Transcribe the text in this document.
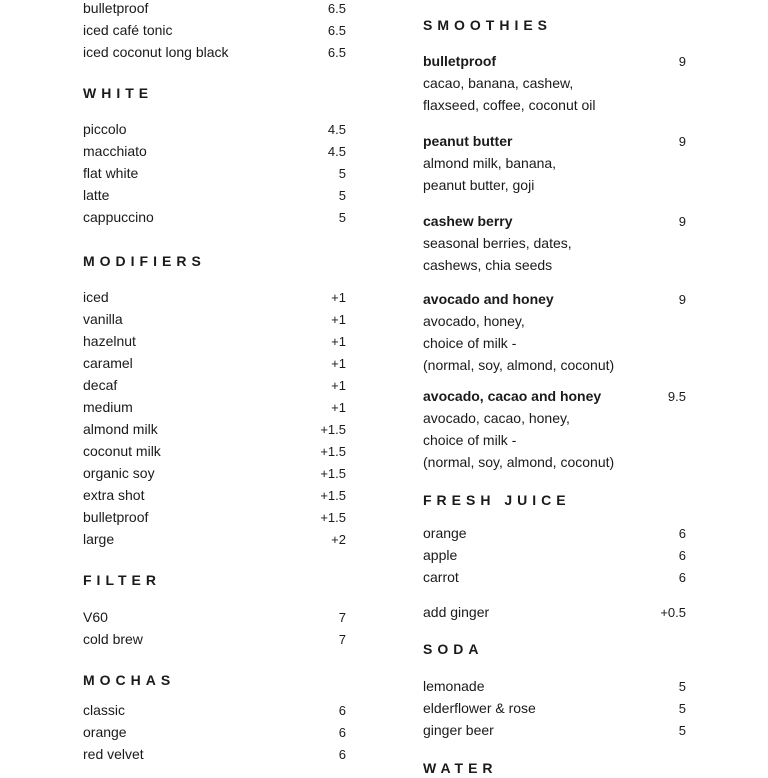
bulletproof	6.5
iced café tonic	6.5
iced coconut long black	6.5
WHITE
piccolo	4.5
macchiato	4.5
flat white	5
latte	5
cappuccino	5
MODIFIERS
iced	+1
vanilla	+1
hazelnut	+1
caramel	+1
decaf	+1
medium	+1
almond milk	+1.5
coconut milk	+1.5
organic soy	+1.5
extra shot	+1.5
bulletproof	+1.5
large	+2
FILTER
V60	7
cold brew	7
MOCHAS
classic	6
orange	6
red velvet	6
SMOOTHIES
bulletproof	9
cacao, banana, cashew,
flaxseed, coffee, coconut oil
peanut butter	9
almond milk, banana,
peanut butter, goji
cashew berry	9
seasonal berries, dates,
cashews, chia seeds
avocado and honey	9
avocado, honey,
choice of milk -
(normal, soy, almond, coconut)
avocado, cacao and honey	9.5
avocado, cacao, honey,
choice of milk -
(normal, soy, almond, coconut)
FRESH JUICE
orange	6
apple	6
carrot	6
add ginger	+0.5
SODA
lemonade	5
elderflower & rose	5
ginger beer	5
WATER
